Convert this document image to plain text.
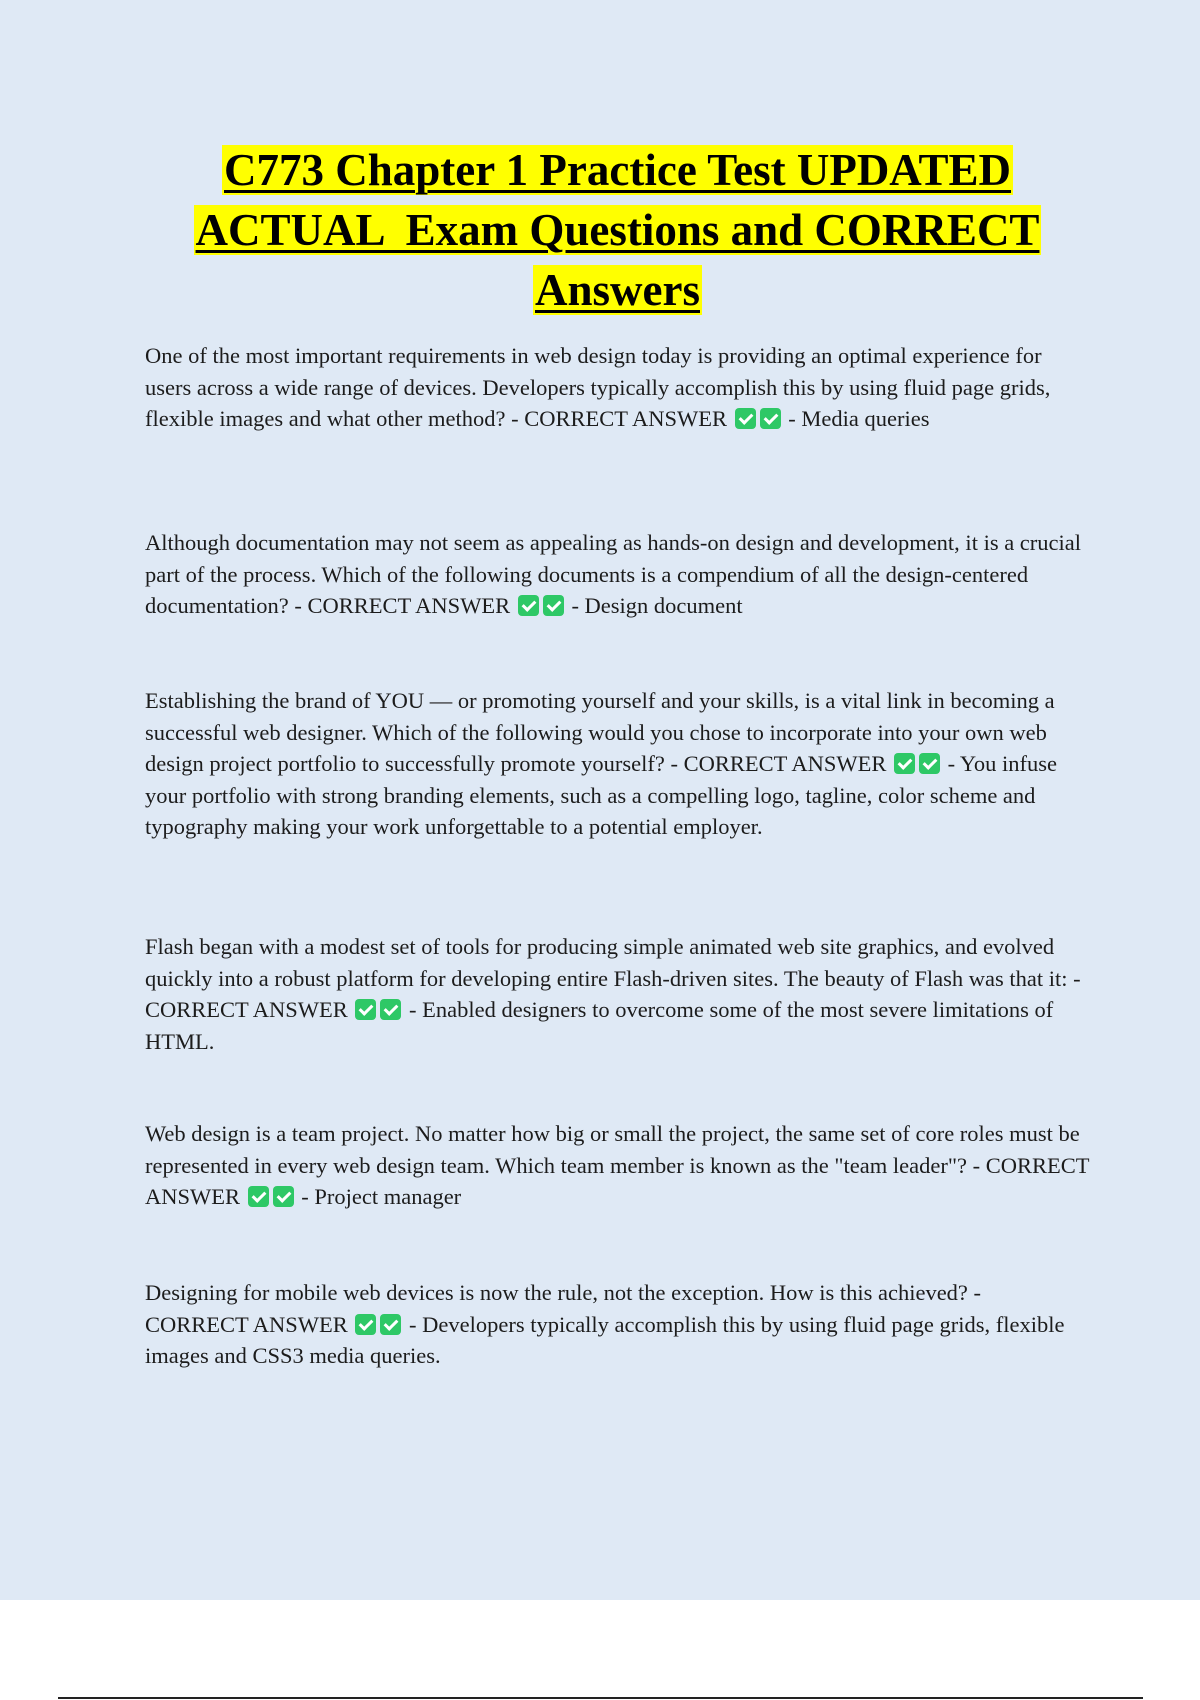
C773 Chapter 1 Practice Test UPDATED
ACTUAL  Exam Questions and CORRECT
Answers

One of the most important requirements in web design today is providing an optimal experience for users across a wide range of devices. Developers typically accomplish this by using fluid page grids, flexible images and what other method? - CORRECT ANSWER	- Media queries

Although documentation may not seem as appealing as hands-on design and development, it is a crucial part of the process. Which of the following documents is a compendium of all the design-centered documentation? - CORRECT ANSWER	- Design document

Establishing the brand of YOU — or promoting yourself and your skills, is a vital link in becoming a successful web designer. Which of the following would you chose to incorporate into your own web design project portfolio to successfully promote yourself? - CORRECT ANSWER	- You infuse your portfolio with strong branding elements, such as a compelling logo, tagline, color scheme and typography making your work unforgettable to a potential employer.

Flash began with a modest set of tools for producing simple animated web site graphics, and evolved quickly into a robust platform for developing entire Flash-driven sites. The beauty of Flash was that it: - CORRECT ANSWER	- Enabled designers to overcome some of the most severe limitations of HTML.

Web design is a team project. No matter how big or small the project, the same set of core roles must be represented in every web design team. Which team member is known as the "team leader"? - CORRECT ANSWER	- Project manager

Designing for mobile web devices is now the rule, not the exception. How is this achieved? - CORRECT ANSWER	- Developers typically accomplish this by using fluid page grids, flexible images and CSS3 media queries.
